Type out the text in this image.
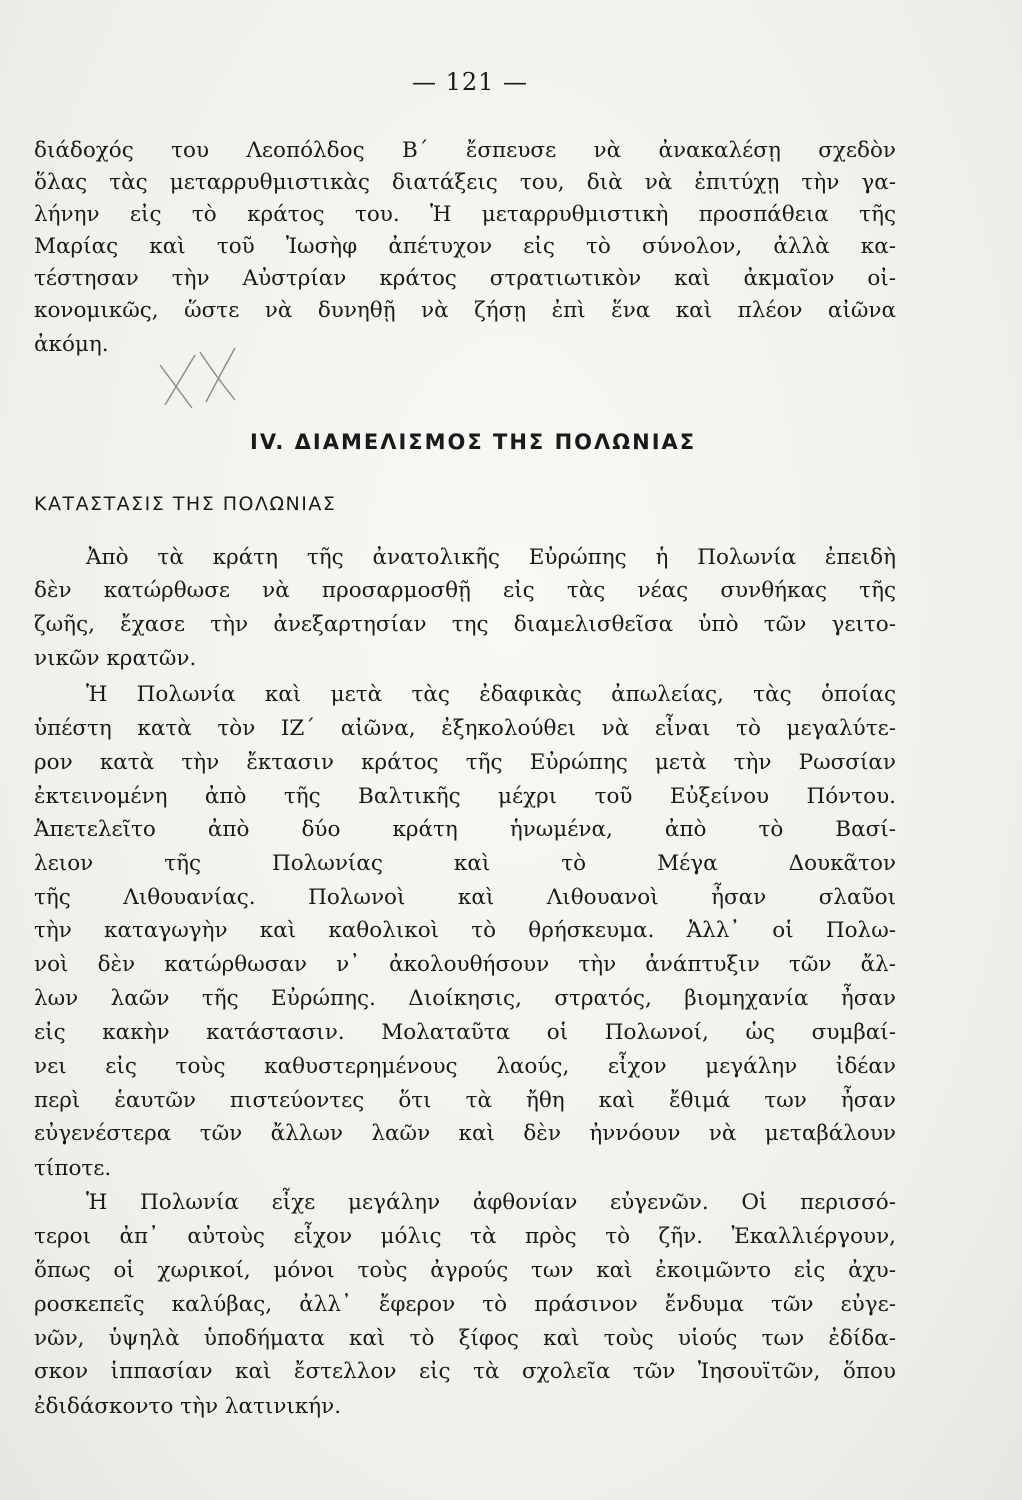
— 121 —
διάδοχός του Λεοπόλδος Β΄ ἔσπευσε νὰ ἀνακαλέσῃ σχεδὸν
ὅλας τὰς μεταρρυθμιστικὰς διατάξεις του, διὰ νὰ ἐπιτύχῃ τὴν γα-
λήνην εἰς τὸ κράτος του. Ἡ μεταρρυθμιστικὴ προσπάθεια τῆς
Μαρίας καὶ τοῦ Ἰωσὴφ ἀπέτυχον εἰς τὸ σύνολον, ἀλλὰ κα-
τέστησαν τὴν Αὐστρίαν κράτος στρατιωτικὸν καὶ ἀκμαῖον οἰ-
κονομικῶς, ὥστε νὰ δυνηθῇ νὰ ζήσῃ ἐπὶ ἕνα καὶ πλέον αἰῶνα
ἀκόμη.
IV. ΔΙΑΜΕΛΙΣΜΟΣ ΤΗΣ ΠΟΛΩΝΙΑΣ
ΚΑΤΑΣΤΑΣΙΣ ΤΗΣ ΠΟΛΩΝΙΑΣ
Ἀπὸ τὰ κράτη τῆς ἀνατολικῆς Εὐρώπης ἡ Πολωνία ἐπειδὴ
δὲν κατώρθωσε νὰ προσαρμοσθῇ εἰς τὰς νέας συνθήκας τῆς
ζωῆς, ἔχασε τὴν ἀνεξαρτησίαν της διαμελισθεῖσα ὑπὸ τῶν γειτο-
νικῶν κρατῶν.
Ἡ Πολωνία καὶ μετὰ τὰς ἐδαφικὰς ἀπωλείας, τὰς ὁποίας
ὑπέστη κατὰ τὸν ΙΖ΄ αἰῶνα, ἐξηκολούθει νὰ εἶναι τὸ μεγαλύτε-
ρον κατὰ τὴν ἔκτασιν κράτος τῆς Εὐρώπης μετὰ τὴν Ρωσσίαν
ἐκτεινομένη ἀπὸ τῆς Βαλτικῆς μέχρι τοῦ Εὐξείνου Πόντου.
Ἀπετελεῖτο ἀπὸ δύο κράτη ἡνωμένα, ἀπὸ τὸ Βασί-
λειον τῆς Πολωνίας καὶ τὸ Μέγα Δουκᾶτον
τῆς Λιθουανίας. Πολωνοὶ καὶ Λιθουανοὶ ἦσαν σλαῦοι
τὴν καταγωγὴν καὶ καθολικοὶ τὸ θρήσκευμα. Ἀλλ᾿ οἱ Πολω-
νοὶ δὲν κατώρθωσαν ν᾿ ἀκολουθήσουν τὴν ἀνάπτυξιν τῶν ἄλ-
λων λαῶν τῆς Εὐρώπης. Διοίκησις, στρατός, βιομηχανία ἦσαν
εἰς κακὴν κατάστασιν. Μολαταῦτα οἱ Πολωνοί, ὡς συμβαί-
νει εἰς τοὺς καθυστερημένους λαούς, εἶχον μεγάλην ἰδέαν
περὶ ἑαυτῶν πιστεύοντες ὅτι τὰ ἤθη καὶ ἔθιμά των ἦσαν
εὐγενέστερα τῶν ἄλλων λαῶν καὶ δὲν ἠννόουν νὰ μεταβάλουν
τίποτε.
Ἡ Πολωνία εἶχε μεγάλην ἀφθονίαν εὐγενῶν. Οἱ περισσό-
τεροι ἀπ᾿ αὐτοὺς εἶχον μόλις τὰ πρὸς τὸ ζῆν. Ἐκαλλιέργουν,
ὅπως οἱ χωρικοί, μόνοι τοὺς ἀγρούς των καὶ ἐκοιμῶντο εἰς ἀχυ-
ροσκεπεῖς καλύβας, ἀλλ᾿ ἔφερον τὸ πράσινον ἔνδυμα τῶν εὐγε-
νῶν, ὑψηλὰ ὑποδήματα καὶ τὸ ξίφος καὶ τοὺς υἱούς των ἐδίδα-
σκον ἱππασίαν καὶ ἔστελλον εἰς τὰ σχολεῖα τῶν Ἰησουϊτῶν, ὅπου
ἐδιδάσκοντο τὴν λατινικήν.
